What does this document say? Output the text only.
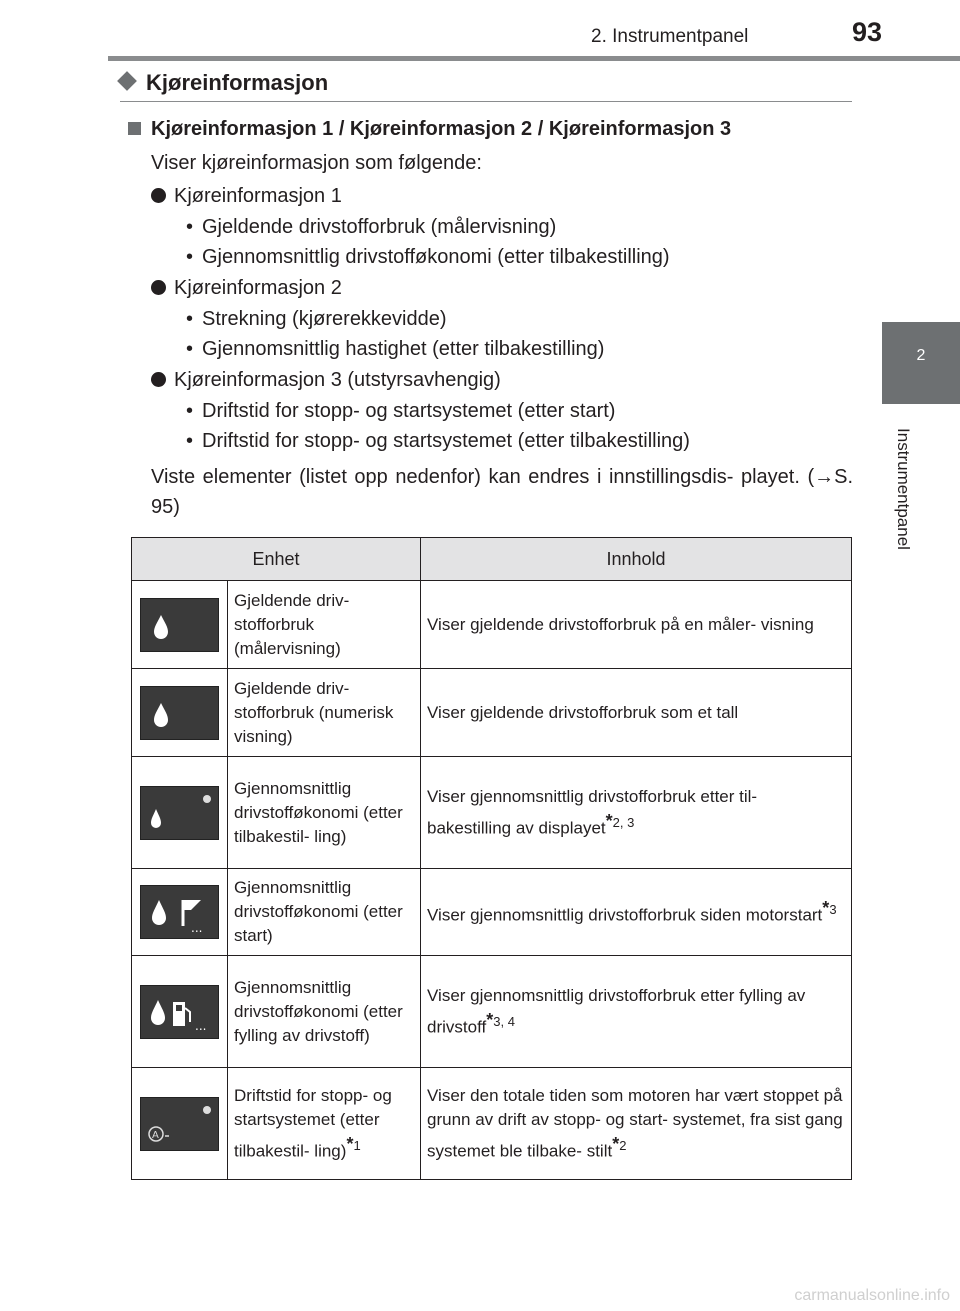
2. Instrumentpanel	93
2
Instrumentpanel
Kjøreinformasjon
Kjøreinformasjon 1 / Kjøreinformasjon 2 / Kjøreinformasjon 3
Viser kjøreinformasjon som følgende:
Kjøreinformasjon 1
• Gjeldende drivstofforbruk (målervisning)
• Gjennomsnittlig drivstofføkonomi (etter tilbakestilling)
Kjøreinformasjon 2
• Strekning (kjørerekkevidde)
• Gjennomsnittlig hastighet (etter tilbakestilling)
Kjøreinformasjon 3 (utstyrsavhengig)
• Driftstid for stopp- og startsystemet (etter start)
• Driftstid for stopp- og startsystemet (etter tilbakestilling)
Viste elementer (listet opp nedenfor) kan endres i innstillingsdis- playet. (→S. 95)
Enhet		Innhold

	Gjeldende driv- stofforbruk (målervisning)	Viser gjeldende drivstofforbruk på en måler- visning

	Gjeldende driv- stofforbruk (numerisk visning)	Viser gjeldende drivstofforbruk som et tall

	Gjennomsnittlig drivstofføkonomi (etter tilbakestil- ling)	Viser gjennomsnittlig drivstofforbruk etter til- bakestilling av displayet*$^{2, 3}$

...	Gjennomsnittlig drivstofføkonomi (etter start)	Viser gjennomsnittlig drivstofforbruk siden motorstart*$^3$

...	Gjennomsnittlig drivstofføkonomi (etter fylling av drivstoff)	Viser gjennomsnittlig drivstofforbruk etter fylling av drivstoff*$^{3, 4}$

A	Driftstid for stopp- og startsystemet (etter tilbakestil- ling)*$^1$	Viser den totale tiden som motoren har vært stoppet på grunn av drift av stopp- og start- systemet, fra sist gang systemet ble tilbake- stilt*$^2$
carmanualsonline.info
